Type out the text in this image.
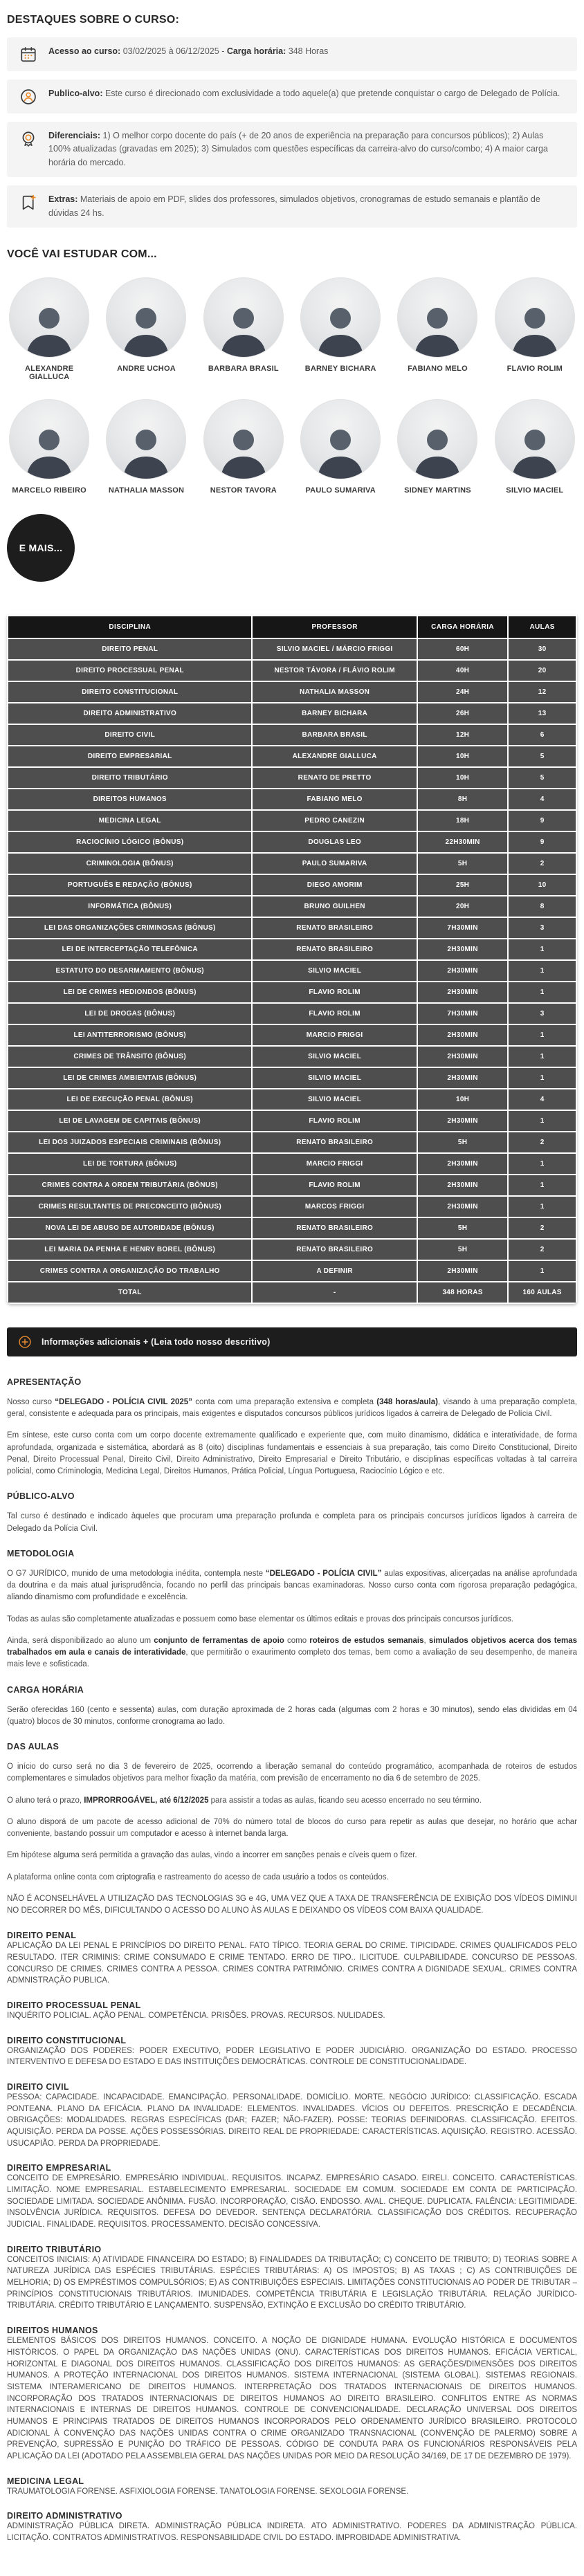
DESTAQUES SOBRE O CURSO:
Acesso ao curso: 03/02/2025 à 06/12/2025 - Carga horária: 348 Horas
Publico-alvo: Este curso é direcionado com exclusividade a todo aquele(a) que pretende conquistar o cargo de Delegado de Polícia.
Diferenciais: 1) O melhor corpo docente do país (+ de 20 anos de experiência na preparação para concursos públicos); 2) Aulas 100% atualizadas (gravadas em 2025); 3) Simulados com questões específicas da carreira-alvo do curso/combo; 4) A maior carga horária do mercado.
Extras: Materiais de apoio em PDF, slides dos professores, simulados objetivos, cronogramas de estudo semanais e plantão de dúvidas 24 hs.
VOCÊ VAI ESTUDAR COM...
ALEXANDRE GIALLUCA
ANDRE UCHOA	BARBARA BRASIL	BARNEY BICHARA	FABIANO MELO	FLAVIO ROLIM
MARCELO RIBEIRO	NATHALIA MASSON	NESTOR TAVORA	PAULO SUMARIVA	SIDNEY MARTINS	SILVIO MACIEL
E MAIS...
DISCIPLINA	PROFESSOR	CARGA HORÁRIA	AULAS
DIREITO PENAL	SILVIO MACIEL / MÁRCIO FRIGGI	60H	30
DIREITO PROCESSUAL PENAL	NESTOR TÁVORA / FLÁVIO ROLIM	40H	20
DIREITO CONSTITUCIONAL	NATHALIA MASSON	24H	12
DIREITO ADMINISTRATIVO	BARNEY BICHARA	26H	13
DIREITO CIVIL	BARBARA BRASIL	12H	6
DIREITO EMPRESARIAL	ALEXANDRE GIALLUCA	10H	5
DIREITO TRIBUTÁRIO	RENATO DE PRETTO	10H	5
DIREITOS HUMANOS	FABIANO MELO	8H	4
MEDICINA LEGAL	PEDRO CANEZIN	18H	9
RACIOCÍNIO LÓGICO (BÔNUS)	DOUGLAS LEO	22H30MIN	9
CRIMINOLOGIA (BÔNUS)	PAULO SUMARIVA	5H	2
PORTUGUÊS E REDAÇÃO (BÔNUS)	DIEGO AMORIM	25H	10
INFORMÁTICA (BÔNUS)	BRUNO GUILHEN	20H	8
LEI DAS ORGANIZAÇÕES CRIMINOSAS (BÔNUS)	RENATO BRASILEIRO	7H30MIN	3
LEI DE INTERCEPTAÇÃO TELEFÔNICA	RENATO BRASILEIRO	2H30MIN	1
ESTATUTO DO DESARMAMENTO (BÔNUS)	SILVIO MACIEL	2H30MIN	1
LEI DE CRIMES HEDIONDOS (BÔNUS)	FLAVIO ROLIM	2H30MIN	1
LEI DE DROGAS (BÔNUS)	FLAVIO ROLIM	7H30MIN	3
LEI ANTITERRORISMO (BÔNUS)	MARCIO FRIGGI	2H30MIN	1
CRIMES DE TRÂNSITO (BÔNUS)	SILVIO MACIEL	2H30MIN	1
LEI DE CRIMES AMBIENTAIS (BÔNUS)	SILVIO MACIEL	2H30MIN	1
LEI DE EXECUÇÃO PENAL (BÔNUS)	SILVIO MACIEL	10H	4
LEI DE LAVAGEM DE CAPITAIS (BÔNUS)	FLAVIO ROLIM	2H30MIN	1
LEI DOS JUIZADOS ESPECIAIS CRIMINAIS (BÔNUS)	RENATO BRASILEIRO	5H	2
LEI DE TORTURA (BÔNUS)	MARCIO FRIGGI	2H30MIN	1
CRIMES CONTRA A ORDEM TRIBUTÁRIA (BÔNUS)	FLAVIO ROLIM	2H30MIN	1
CRIMES RESULTANTES DE PRECONCEITO (BÔNUS)	MARCOS FRIGGI	2H30MIN	1
NOVA LEI DE ABUSO DE AUTORIDADE (BÔNUS)	RENATO BRASILEIRO	5H	2
LEI MARIA DA PENHA E HENRY BOREL (BÔNUS)	RENATO BRASILEIRO	5H	2
CRIMES CONTRA A ORGANIZAÇÃO DO TRABALHO	A DEFINIR	2H30MIN	1
TOTAL	-	348 HORAS	160 AULAS
Informações adicionais + (Leia todo nosso descritivo)
APRESENTAÇÃO

Nosso curso “DELEGADO - POLÍCIA CIVIL 2025” conta com uma preparação extensiva e completa (348 horas/aula), visando à uma preparação completa, geral, consistente e adequada para os principais, mais exigentes e disputados concursos públicos jurídicos ligados à carreira de Delegado de Polícia Civil.

Em síntese, este curso conta com um corpo docente extremamente qualificado e experiente que, com muito dinamismo, didática e interatividade, de forma aprofundada, organizada e sistemática, abordará as 8 (oito) disciplinas fundamentais e essenciais à sua preparação, tais como Direito Constitucional, Direito Penal, Direito Processual Penal, Direito Civil, Direito Administrativo, Direito Empresarial e Direito Tributário, e disciplinas específicas voltadas à tal carreira policial, como Criminologia, Medicina Legal, Direitos Humanos, Prática Policial, Língua Portuguesa, Raciocínio Lógico e etc.

PÚBLICO-ALVO

Tal curso é destinado e indicado àqueles que procuram uma preparação profunda e completa para os principais concursos jurídicos ligados à carreira de Delegado da Polícia Civil.

METODOLOGIA

O G7 JURÍDICO, munido de uma metodologia inédita, contempla neste “DELEGADO - POLÍCIA CIVIL” aulas expositivas, alicerçadas na análise aprofundada da doutrina e da mais atual jurisprudência, focando no perfil das principais bancas examinadoras. Nosso curso conta com rigorosa preparação pedagógica, aliando dinamismo com profundidade e excelência.

Todas as aulas são completamente atualizadas e possuem como base elementar os últimos editais e provas dos principais concursos jurídicos.

Ainda, será disponibilizado ao aluno um conjunto de ferramentas de apoio como roteiros de estudos semanais, simulados objetivos acerca dos temas trabalhados em aula e canais de interatividade, que permitirão o exaurimento completo dos temas, bem como a avaliação de seu desempenho, de maneira mais leve e sofisticada.

CARGA HORÁRIA

Serão oferecidas 160 (cento e sessenta) aulas, com duração aproximada de 2 horas cada (algumas com 2 horas e 30 minutos), sendo elas divididas em 04 (quatro) blocos de 30 minutos, conforme cronograma ao lado.

DAS AULAS

O início do curso será no dia 3 de fevereiro de 2025, ocorrendo a liberação semanal do conteúdo programático, acompanhada de roteiros de estudos complementares e simulados objetivos para melhor fixação da matéria, com previsão de encerramento no dia 6 de setembro de 2025.

O aluno terá o prazo, IMPRORROGÁVEL, até 6/12/2025 para assistir a todas as aulas, ficando seu acesso encerrado no seu término.

O aluno disporá de um pacote de acesso adicional de 70% do número total de blocos do curso para repetir as aulas que desejar, no horário que achar conveniente, bastando possuir um computador e acesso à internet banda larga.

Em hipótese alguma será permitida a gravação das aulas, vindo a incorrer em sanções penais e cíveis quem o fizer.

A plataforma online conta com criptografia e rastreamento do acesso de cada usuário a todos os conteúdos.

NÃO É ACONSELHÁVEL A UTILIZAÇÃO DAS TECNOLOGIAS 3G e 4G, UMA VEZ QUE A TAXA DE TRANSFERÊNCIA DE EXIBIÇÃO DOS VÍDEOS DIMINUI NO DECORRER DO MÊS, DIFICULTANDO O ACESSO DO ALUNO ÀS AULAS E DEIXANDO OS VÍDEOS COM BAIXA QUALIDADE.

DIREITO PENAL

APLICAÇÃO DA LEI PENAL E PRINCÍPIOS DO DIREITO PENAL. FATO TÍPICO. TEORIA GERAL DO CRIME. TIPICIDADE. CRIMES QUALIFICADOS PELO RESULTADO. ITER CRIMINIS: CRIME CONSUMADO E CRIME TENTADO. ERRO DE TIPO.. ILICITUDE. CULPABILIDADE. CONCURSO DE PESSOAS. CONCURSO DE CRIMES. CRIMES CONTRA A PESSOA. CRIMES CONTRA PATRIMÔNIO. CRIMES CONTRA A DIGNIDADE SEXUAL. CRIMES CONTRA ADMNISTRAÇÃO PUBLICA.

DIREITO PROCESSUAL PENAL

INQUÉRITO POLICIAL. AÇÃO PENAL. COMPETÊNCIA. PRISÕES. PROVAS. RECURSOS. NULIDADES.

DIREITO CONSTITUCIONAL

ORGANIZAÇÃO DOS PODERES: PODER EXECUTIVO, PODER LEGISLATIVO E PODER JUDICIÁRIO. ORGANIZAÇÃO DO ESTADO. PROCESSO INTERVENTIVO E DEFESA DO ESTADO E DAS INSTITUIÇÕES DEMOCRÁTICAS. CONTROLE DE CONSTITUCIONALIDADE.

DIREITO CIVIL

PESSOA: CAPACIDADE. INCAPACIDADE. EMANCIPAÇÃO. PERSONALIDADE. DOMICÍLIO. MORTE. NEGÓCIO JURÍDICO: CLASSIFICAÇÃO. ESCADA PONTEANA. PLANO DA EFICÁCIA. PLANO DA INVALIDADE: ELEMENTOS. INVALIDADES. VÍCIOS OU DEFEITOS. PRESCRIÇÃO E DECADÊNCIA. OBRIGAÇÕES: MODALIDADES. REGRAS ESPECÍFICAS (DAR; FAZER; NÃO-FAZER). POSSE: TEORIAS DEFINIDORAS. CLASSIFICAÇÃO. EFEITOS. AQUISIÇÃO. PERDA DA POSSE. AÇÕES POSSESSÓRIAS. DIREITO REAL DE PROPRIEDADE: CARACTERÍSTICAS. AQUISIÇÃO. REGISTRO. ACESSÃO. USUCAPIÃO. PERDA DA PROPRIEDADE.

DIREITO EMPRESARIAL

CONCEITO DE EMPRESÁRIO. EMPRESÁRIO INDIVIDUAL. REQUISITOS. INCAPAZ. EMPRESÁRIO CASADO. EIRELI. CONCEITO. CARACTERÍSTICAS. LIMITAÇÃO. NOME EMPRESARIAL. ESTABELECIMENTO EMPRESARIAL. SOCIEDADE EM COMUM. SOCIEDADE EM CONTA DE PARTICIPAÇÃO. SOCIEDADE LIMITADA. SOCIEDADE ANÔNIMA. FUSÃO. INCORPORAÇÃO, CISÃO. ENDOSSO. AVAL. CHEQUE. DUPLICATA. FALÊNCIA: LEGITIMIDADE. INSOLVÊNCIA JURÍDICA. REQUISITOS. DEFESA DO DEVEDOR. SENTENÇA DECLARATÓRIA. CLASSIFICAÇÃO DOS CRÉDITOS. RECUPERAÇÃO JUDICIAL. FINALIDADE. REQUISITOS. PROCESSAMENTO. DECISÃO CONCESSIVA.

DIREITO TRIBUTÁRIO

CONCEITOS INICIAIS: A) ATIVIDADE FINANCEIRA DO ESTADO; B) FINALIDADES DA TRIBUTAÇÃO; C) CONCEITO DE TRIBUTO; D) TEORIAS SOBRE A NATUREZA JURÍDICA DAS ESPÉCIES TRIBUTÁRIAS. ESPÉCIES TRIBUTÁRIAS: A) OS IMPOSTOS; B) AS TAXAS ; C) AS CONTRIBUIÇÕES DE MELHORIA; D) OS EMPRÉSTIMOS COMPULSÓRIOS; E) AS CONTRIBUIÇÕES ESPECIAIS. LIMITAÇÕES CONSTITUCIONAIS AO PODER DE TRIBUTAR – PRINCÍPIOS CONSTITUCIONAIS TRIBUTÁRIOS. IMUNIDADES. COMPETÊNCIA TRIBUTÁRIA E LEGISLAÇÃO TRIBUTÁRIA. RELAÇÃO JURÍDICO-TRIBUTÁRIA. CRÉDITO TRIBUTÁRIO E LANÇAMENTO. SUSPENSÃO, EXTINÇÃO E EXCLUSÃO DO CRÉDITO TRIBUTÁRIO.

DIREITOS HUMANOS

ELEMENTOS BÁSICOS DOS DIREITOS HUMANOS. CONCEITO. A NOÇÃO DE DIGNIDADE HUMANA. EVOLUÇÃO HISTÓRICA E DOCUMENTOS HISTÓRICOS. O PAPEL DA ORGANIZAÇÃO DAS NAÇÕES UNIDAS (ONU). CARACTERÍSTICAS DOS DIREITOS HUMANOS. EFICÁCIA VERTICAL, HORIZONTAL E DIAGONAL DOS DIREITOS HUMANOS. CLASSIFICAÇÃO DOS DIREITOS HUMANOS: AS GERAÇÕES/DIMENSÕES DOS DIREITOS HUMANOS. A PROTEÇÃO INTERNACIONAL DOS DIREITOS HUMANOS. SISTEMA INTERNACIONAL (SISTEMA GLOBAL). SISTEMAS REGIONAIS. SISTEMA INTERAMERICANO DE DIREITOS HUMANOS. INTERPRETAÇÃO DOS TRATADOS INTERNACIONAIS DE DIREITOS HUMANOS. INCORPORAÇÃO DOS TRATADOS INTERNACIONAIS DE DIREITOS HUMANOS AO DIREITO BRASILEIRO. CONFLITOS ENTRE AS NORMAS INTERNACIONAIS E INTERNAS DE DIREITOS HUMANOS. CONTROLE DE CONVENCIONALIDADE. DECLARAÇÃO UNIVERSAL DOS DIREITOS HUMANOS E PRINCIPAIS TRATADOS DE DIREITOS HUMANOS INCORPORADOS PELO ORDENAMENTO JURÍDICO BRASILEIRO. PROTOCOLO ADICIONAL À CONVENÇÃO DAS NAÇÕES UNIDAS CONTRA O CRIME ORGANIZADO TRANSNACIONAL (CONVENÇÃO DE PALERMO) SOBRE A PREVENÇÃO, SUPRESSÃO E PUNIÇÃO DO TRÁFICO DE PESSOAS. CÓDIGO DE CONDUTA PARA OS FUNCIONÁRIOS RESPONSÁVEIS PELA APLICAÇÃO DA LEI (ADOTADO PELA ASSEMBLEIA GERAL DAS NAÇÕES UNIDAS POR MEIO DA RESOLUÇÃO 34/169, DE 17 DE DEZEMBRO DE 1979).

MEDICINA LEGAL

TRAUMATOLOGIA FORENSE. ASFIXIOLOGIA FORENSE. TANATOLOGIA FORENSE. SEXOLOGIA FORENSE.

DIREITO ADMINISTRATIVO

ADMINISTRAÇÃO PÚBLICA DIRETA. ADMINISTRAÇÃO PÚBLICA INDIRETA. ATO ADMINISTRATIVO. PODERES DA ADMINISTRAÇÃO PÚBLICA. LICITAÇÃO. CONTRATOS ADMINISTRATIVOS. RESPONSABILIDADE CIVIL DO ESTADO. IMPROBIDADE ADMINISTRATIVA.
